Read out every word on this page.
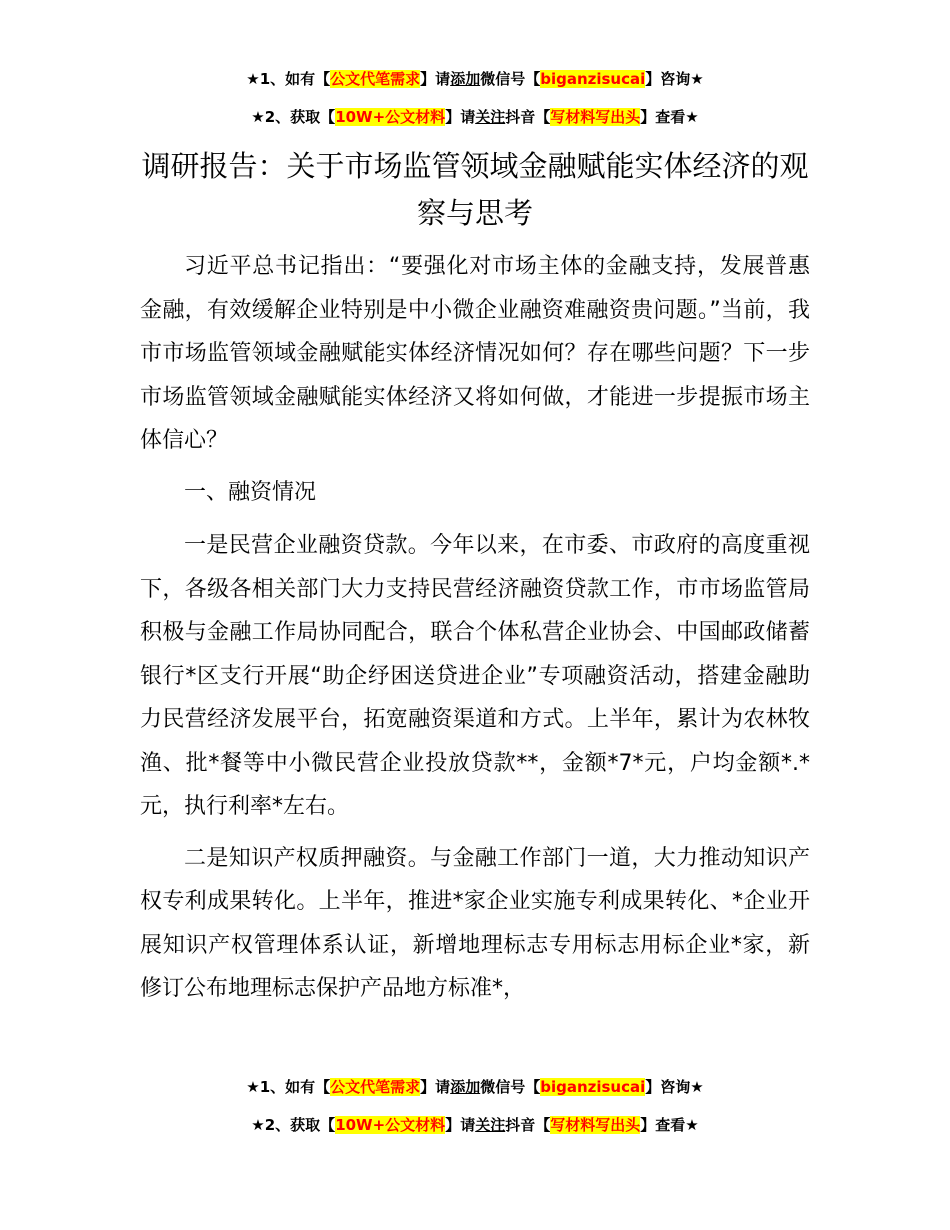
★1、如有【公文代笔需求】请添加微信号【biganzisucai】咨询★
★2、获取【10W+公文材料】请关注抖音【写材料写出头】查看★
调研报告：关于市场监管领域金融赋能实体经济的观察与思考

习近平总书记指出：“要强化对市场主体的金融支持，发展普惠金融，有效缓解企业特别是中小微企业融资难融资贵问题。”当前，我市市场监管领域金融赋能实体经济情况如何？存在哪些问题？下一步市场监管领域金融赋能实体经济又将如何做，才能进一步提振市场主体信心？

一、融资情况

一是民营企业融资贷款。今年以来，在市委、市政府的高度重视下，各级各相关部门大力支持民营经济融资贷款工作，市市场监管局积极与金融工作局协同配合，联合个体私营企业协会、中国邮政储蓄银行*区支行开展“助企纾困送贷进企业”专项融资活动，搭建金融助力民营经济发展平台，拓宽融资渠道和方式。上半年，累计为农林牧渔、批*餐等中小微民营企业投放贷款**，金额*7*元，户均金额*.*元，执行利率*左右。

二是知识产权质押融资。与金融工作部门一道，大力推动知识产权专利成果转化。上半年，推进*家企业实施专利成果转化、*企业开展知识产权管理体系认证，新增地理标志专用标志用标企业*家，新修订公布地理标志保护产品地方标准*，

★1、如有【公文代笔需求】请添加微信号【biganzisucai】咨询★
★2、获取【10W+公文材料】请关注抖音【写材料写出头】查看★
